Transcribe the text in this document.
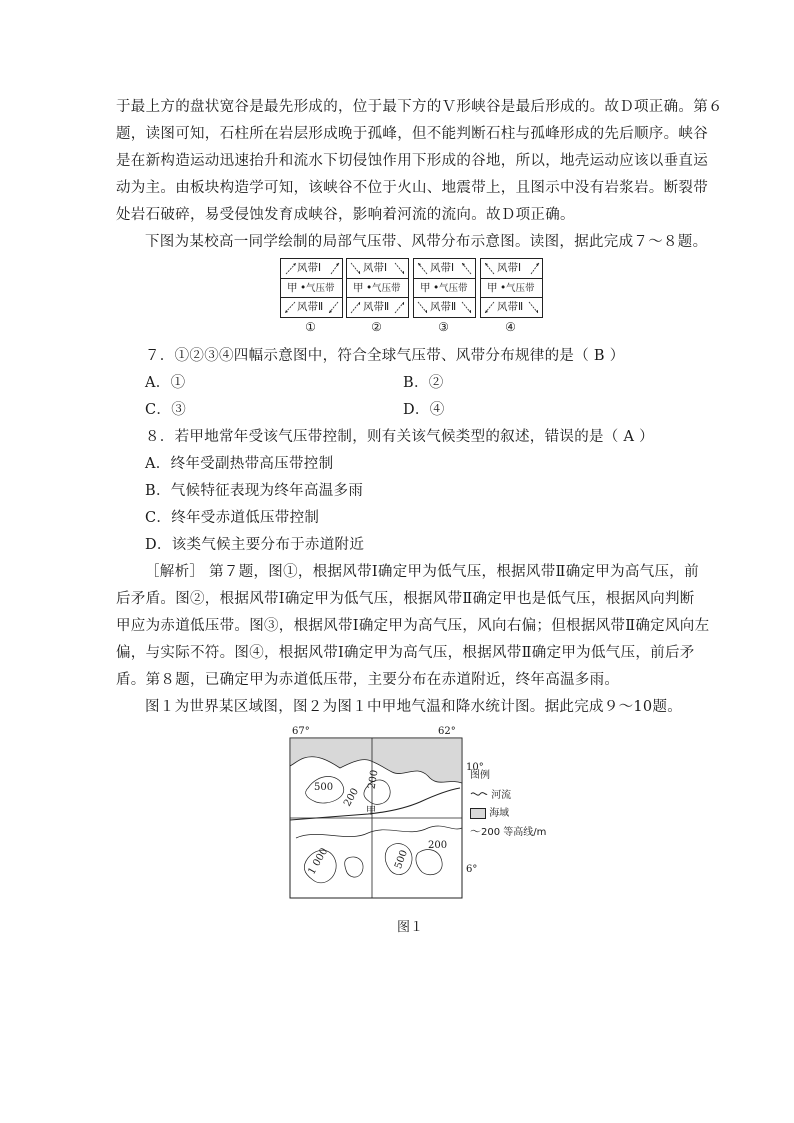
于最上方的盘状宽谷是最先形成的，位于最下方的Ｖ形峡谷是最后形成的。故Ｄ项正确。第６
题，读图可知，石柱所在岩层形成晚于孤峰，但不能判断石柱与孤峰形成的先后顺序。峡谷
是在新构造运动迅速抬升和流水下切侵蚀作用下形成的谷地，所以，地壳运动应该以垂直运
动为主。由板块构造学可知，该峡谷不位于火山、地震带上，且图示中没有岩浆岩。断裂带
处岩石破碎，易受侵蚀发育成峡谷，影响着河流的流向。故Ｄ项正确。
下图为某校高一同学绘制的局部气压带、风带分布示意图。读图，据此完成７～８题。
风带Ⅰ
甲 • 气压带
风带Ⅱ
①
风带Ⅰ
甲 • 气压带
风带Ⅱ
②
风带Ⅰ
甲 • 气压带
风带Ⅱ
③
风带Ⅰ
甲 • 气压带
风带Ⅱ
④
７．①②③④四幅示意图中，符合全球气压带、风带分布规律的是（ B ）
A．①	B．②
C．③	D．④
８．若甲地常年受该气压带控制，则有关该气候类型的叙述，错误的是（ A ）
A．终年受副热带高压带控制
B．气候特征表现为终年高温多雨
C．终年受赤道低压带控制
D．该类气候主要分布于赤道附近
［解析］ 第７题，图①，根据风带Ⅰ确定甲为低气压，根据风带Ⅱ确定甲为高气压，前
后矛盾。图②，根据风带Ⅰ确定甲为低气压，根据风带Ⅱ确定甲也是低气压，根据风向判断
甲应为赤道低压带。图③，根据风带Ⅰ确定甲为高气压，风向右偏；但根据风带Ⅱ确定风向左
偏，与实际不符。图④，根据风带Ⅰ确定甲为高气压，根据风带Ⅱ确定甲为低气压，前后矛
盾。第８题，已确定甲为赤道低压带，主要分布在赤道附近，终年高温多雨。
图１为世界某区域图，图２为图１中甲地气温和降水统计图。据此完成９～10题。
67°	62°
10°
6°
500 200
200
甲
1 000	500
200
图例
河流
海域
～200 等高线/m
图１
